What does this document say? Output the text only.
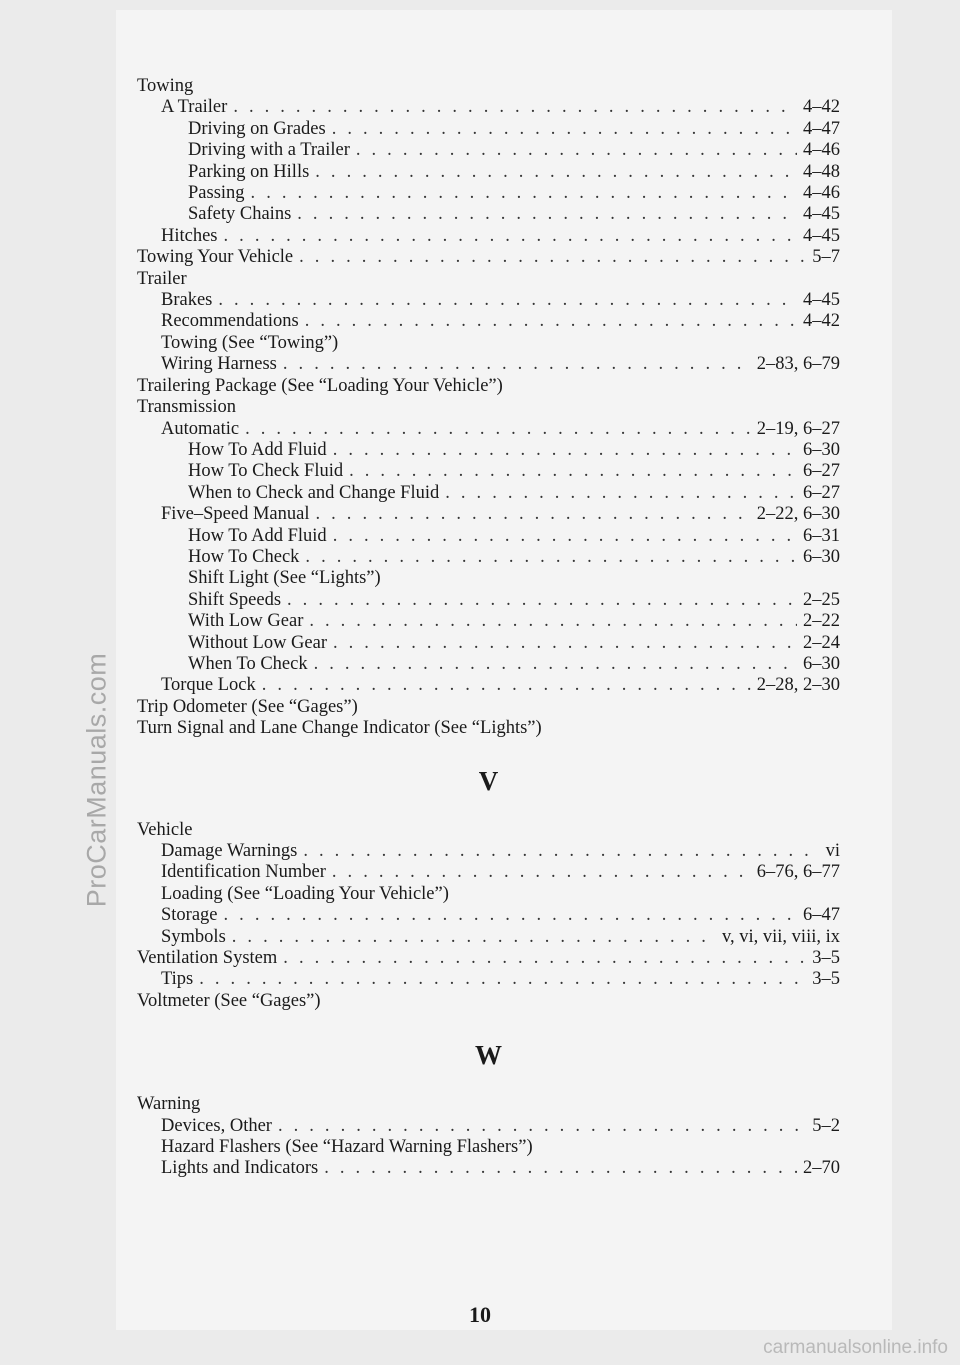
Towing
A Trailer . . .	4–42
Driving on Grades . . .	4–47
Driving with a Trailer . . .	4–46
Parking on Hills . . .	4–48
Passing . . .	4–46
Safety Chains . . .	4–45
Hitches . . .	4–45
Towing Your Vehicle . . .	5–7
Trailer
Brakes . . .	4–45
Recommendations . . .	4–42
Towing (See “Towing”)
Wiring Harness . . .	2–83, 6–79
Trailering Package (See “Loading Your Vehicle”)
Transmission
Automatic . . .	2–19, 6–27
How To Add Fluid . . .	6–30
How To Check Fluid . . .	6–27
When to Check and Change Fluid . . .	6–27
Five–Speed Manual . . .	2–22, 6–30
How To Add Fluid . . .	6–31
How To Check . . .	6–30
Shift Light (See “Lights”)
Shift Speeds . . .	2–25
With Low Gear . . .	2–22
Without Low Gear . . .	2–24
When To Check . . .	6–30
Torque Lock . . .	2–28, 2–30
Trip Odometer (See “Gages”)
Turn Signal and Lane Change Indicator (See “Lights”)
V
Vehicle
Damage Warnings . . .	vi
Identification Number . . .	6–76, 6–77
Loading (See “Loading Your Vehicle”)
Storage . . .	6–47
Symbols . . .	v, vi, vii, viii, ix
Ventilation System . . .	3–5
Tips . . .	3–5
Voltmeter (See “Gages”)
W
Warning
Devices, Other . . .	5–2
Hazard Flashers (See “Hazard Warning Flashers”)
Lights and Indicators . . .	2–70
10
ProCarManuals.com
carmanualsonline.info
